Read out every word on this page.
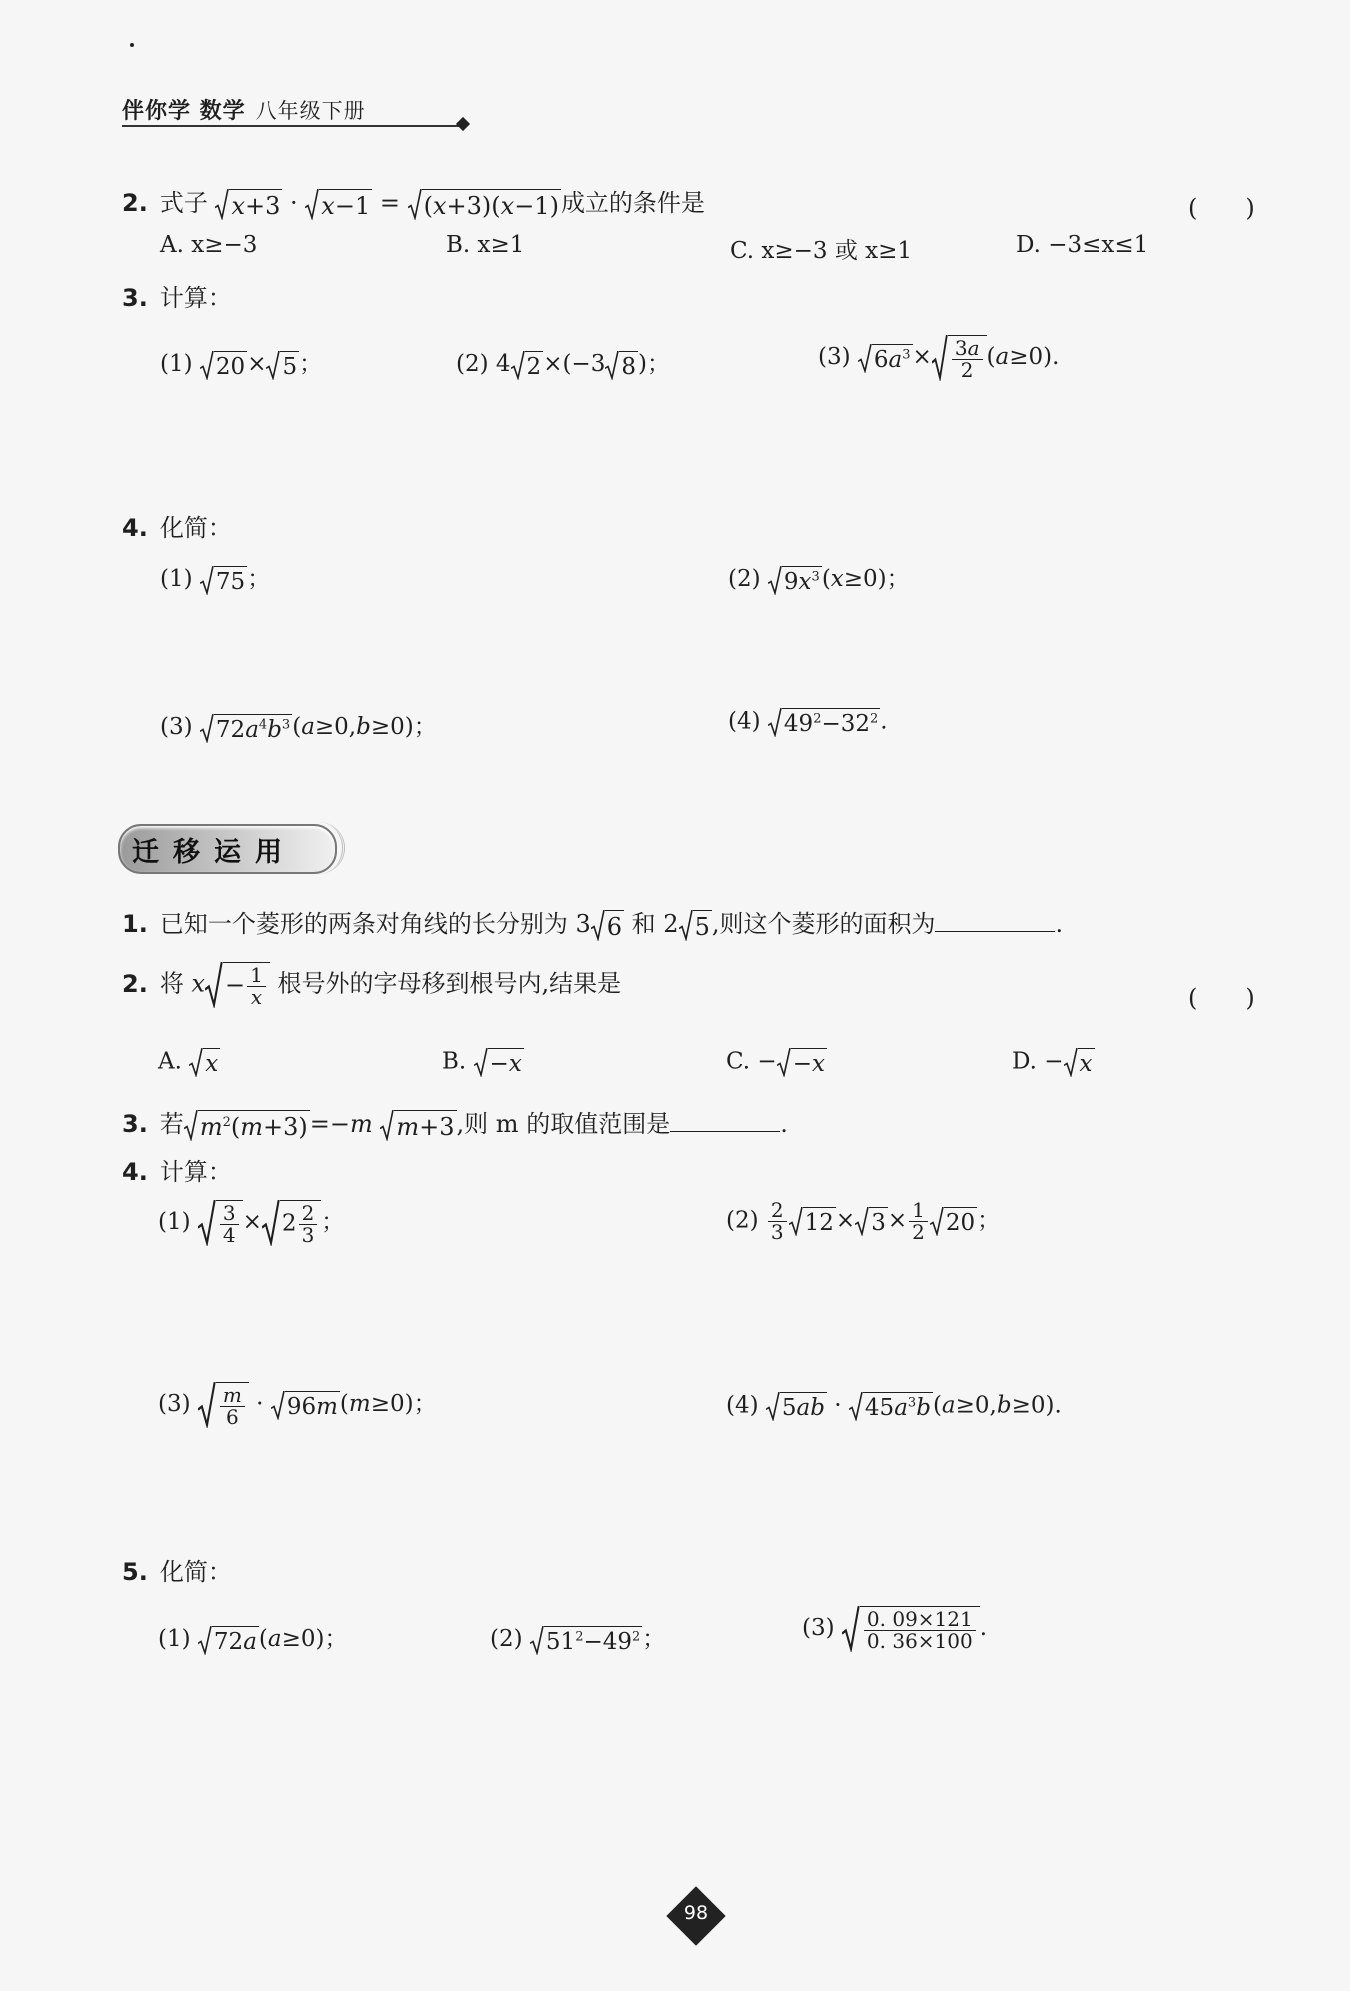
伴你学 数学 八年级下册
2. 式子 x+3 · x−1 = (x+3)(x−1) 成立的条件是	(　　)
A. x≥−3	B. x≥1	C. x≥−3 或 x≥1	D. −3≤x≤1
3. 计算：
(1) 20 × 5 ；	(2) 4 2 ×(−3 8 )；	(3) $6a^3 \times \frac{3a}{2} (a\ge 0)$.
4. 化简：
(1) 75 ；	(2) $9x^3$ (x≥0)；
(3) $72a^4b^3$ (a≥0,b≥0)；	(4) $49^2-32^2$ .
迁移运用
1. 已知一个菱形的两条对角线的长分别为 3 6 和 2 5 ,则这个菱形的面积为	.
2. 将 $x - \frac{1}{x}$ 根号外的字母移到根号内,结果是
(　　)
A. x	B. −x	C. − −x	D. − x
3. 若 $m^2(m+3) =-m$ m+3 ,则 m 的取值范围是	.
4. 计算：
$(1) \frac{3}{4} \times 2 \frac{2}{3}$ ；	$(2) \frac{2}{3} 12 \times 3 \times \frac{1}{2} 20$ ；
$(3) \frac{m}{6} \cdot 96m$ (m≥0)；	(4) $5ab \cdot 45a^3b$ (a≥0,b≥0).
5. 化简：
(1) 72a (a≥0)；	(2) $51^2-49^2$ ；	$(3) \frac{0. 09\times 121}{0. 36\times 100}$ .
98
